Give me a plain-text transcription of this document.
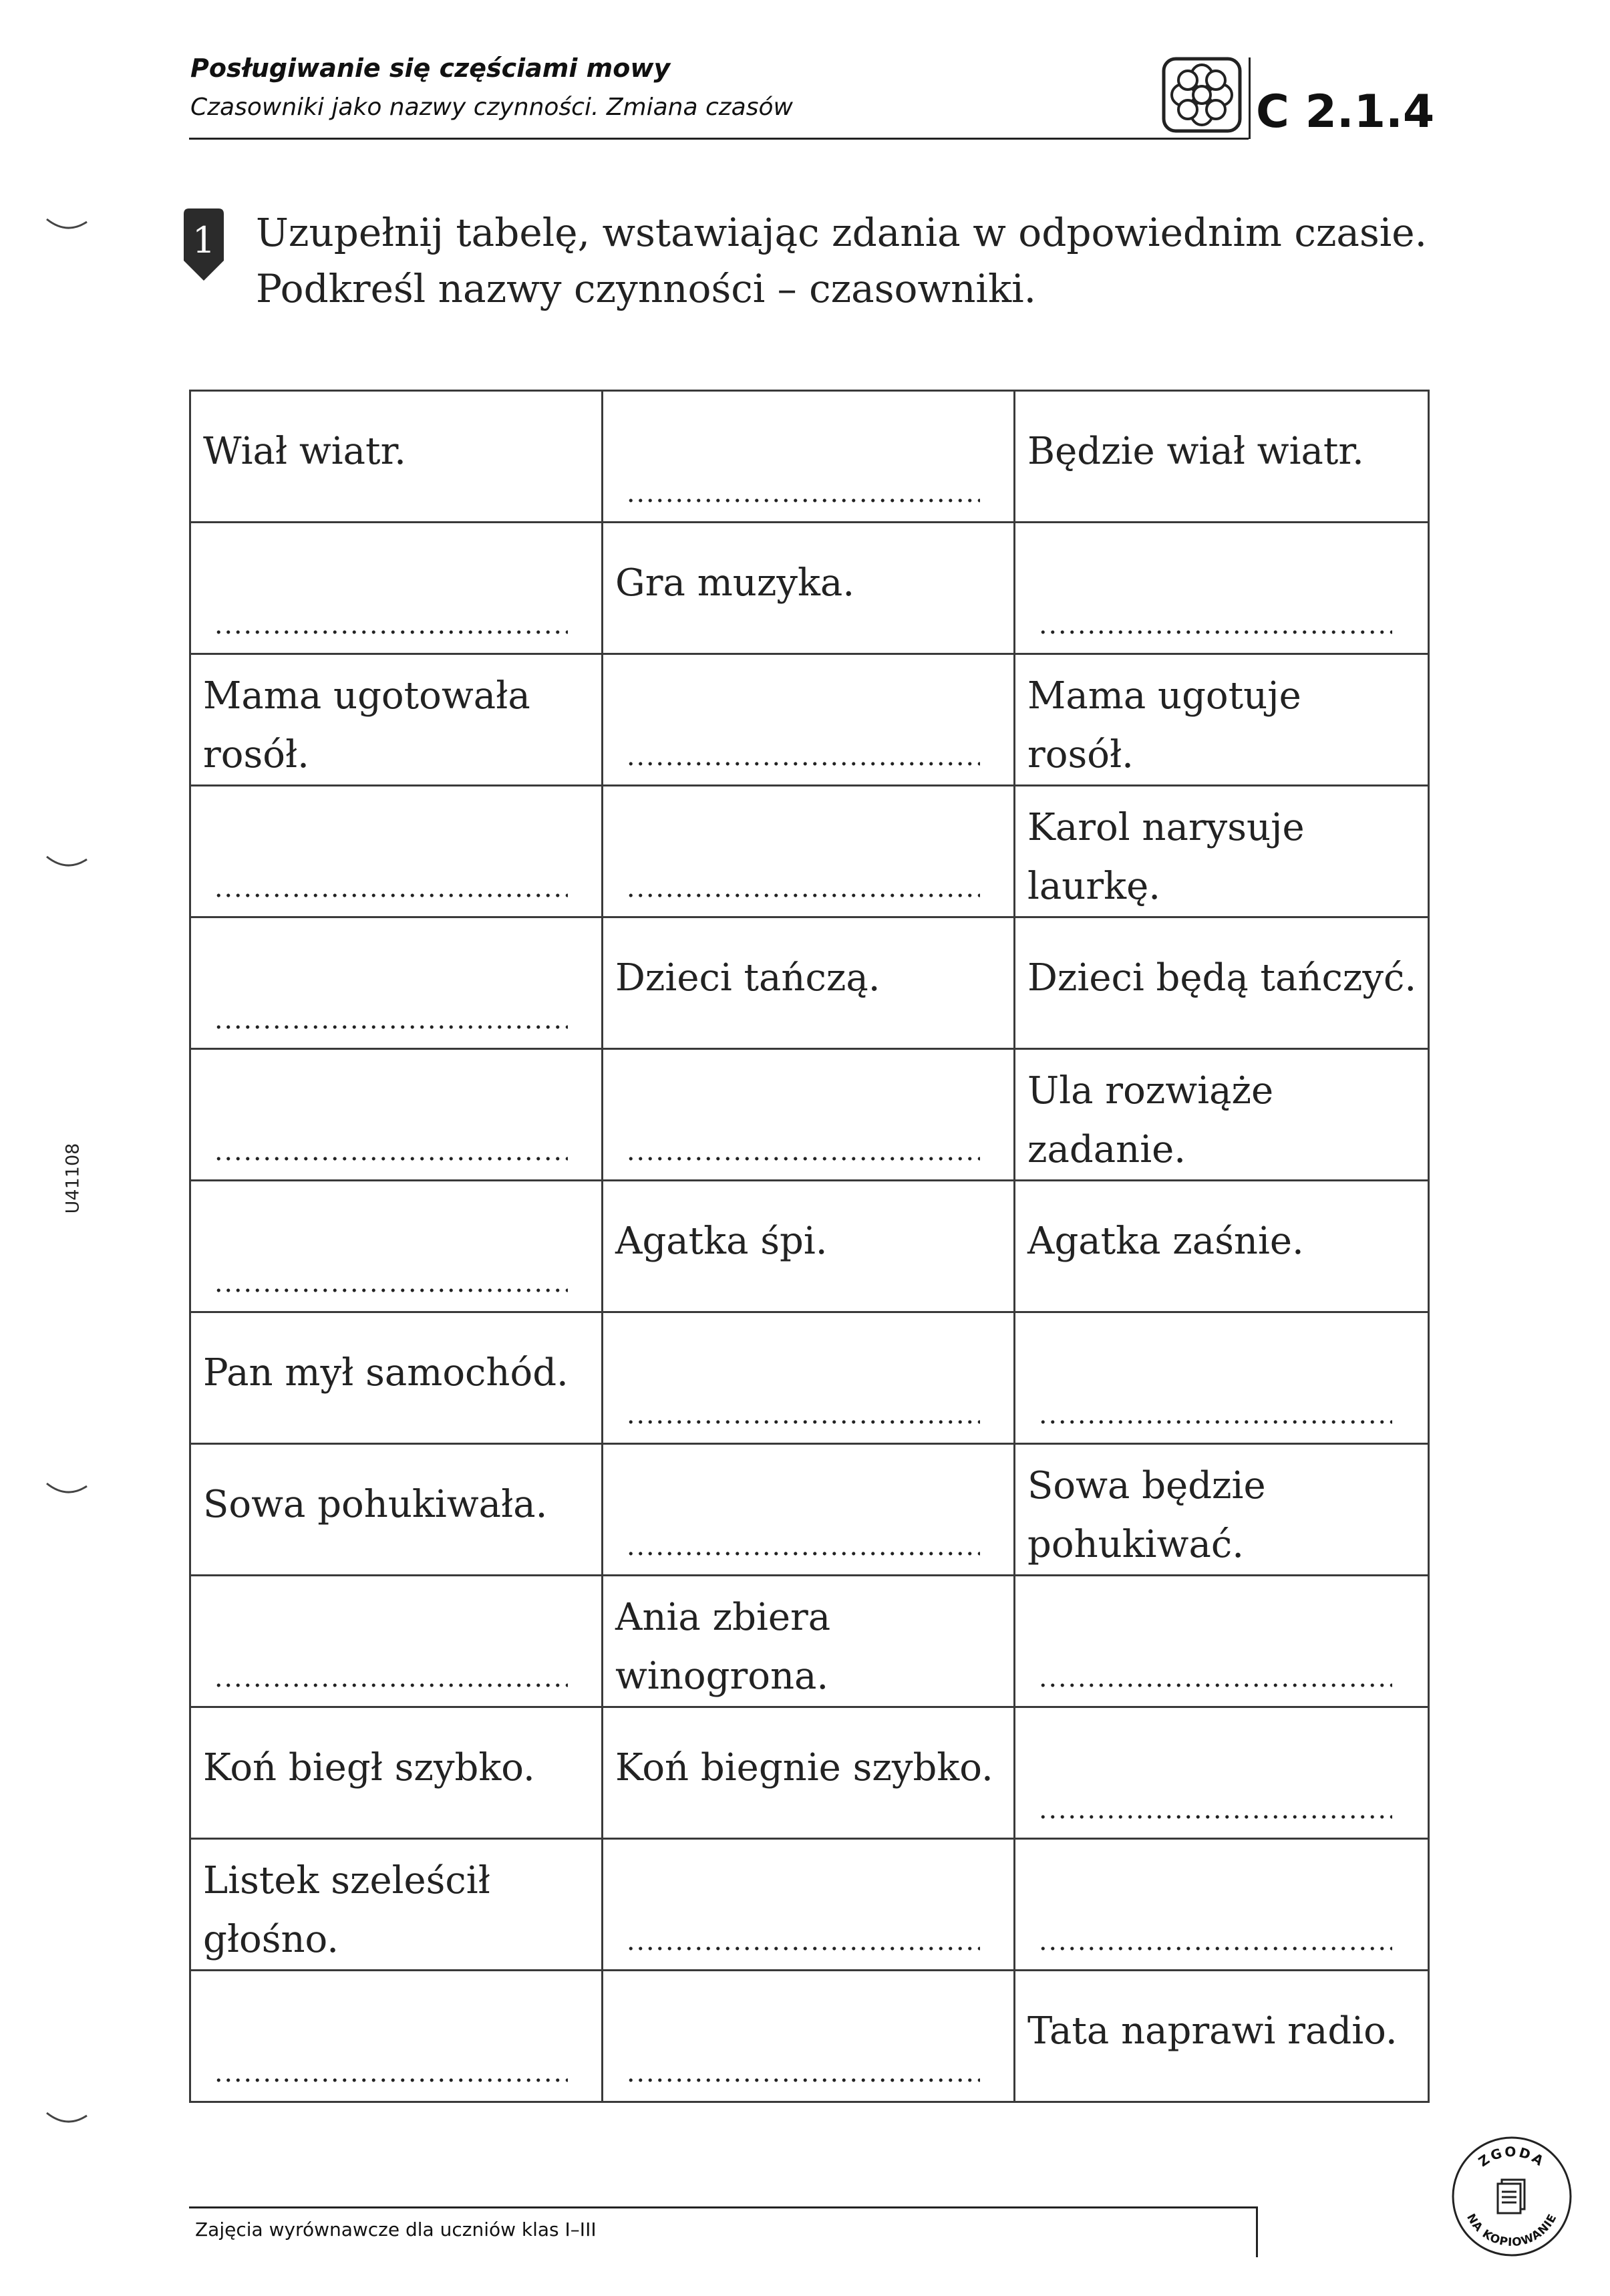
Posługiwanie się częściami mowy
Czasowniki jako nazwy czynności. Zmiana czasów	C 2.1.4
1 Uzupełnij tabelę, wstawiając zdania w odpowiednim czasie.
Podkreśl nazwy czynności – czasowniki.
U41108
Wiał wiatr.		Będzie wiał wiatr.

	Gra muzyka.	

Mama ugotowała
rosół.		Mama ugotuje
rosół.

		Karol narysuje
laurkę.

	Dzieci tańczą.	Dzieci będą tańczyć.

		Ula rozwiąże
zadanie.

	Agatka śpi.	Agatka zaśnie.

Pan mył samochód.		

Sowa pohukiwała.		Sowa będzie
pohukiwać.

	Ania zbiera
winogrona.	

Koń biegł szybko.	Koń biegnie szybko.	

Listek szeleścił
głośno.		

		Tata naprawi radio.
Zajęcia wyrównawcze dla uczniów klas I–III
ZGODA
NA KOPIOWANIE
